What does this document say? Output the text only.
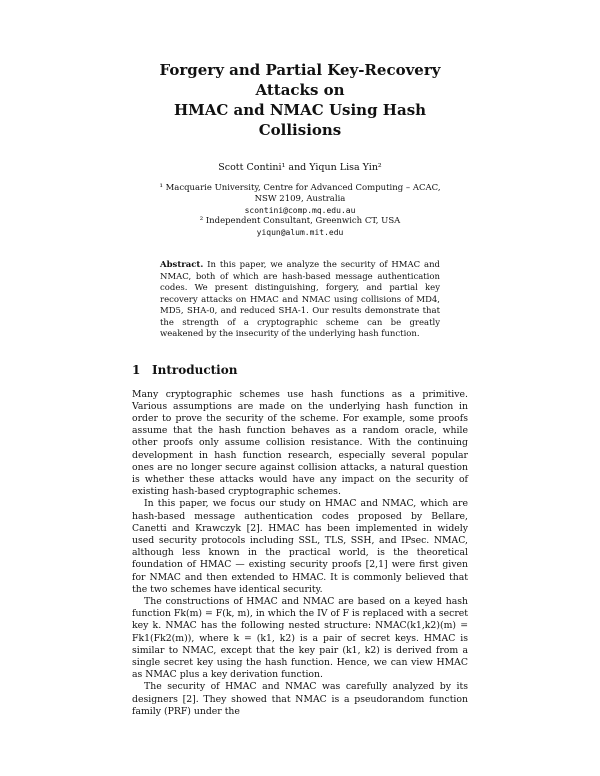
Forgery and Partial Key-Recovery Attacks on
HMAC and NMAC Using Hash Collisions
Scott Contini¹ and Yiqun Lisa Yin²
¹ Macquarie University, Centre for Advanced Computing – ACAC,
NSW 2109, Australia
scontini@comp.mq.edu.au
² Independent Consultant, Greenwich CT, USA
yiqun@alum.mit.edu
Abstract. In this paper, we analyze the security of HMAC and NMAC, both of which are hash-based message authentication codes. We present distinguishing, forgery, and partial key recovery attacks on HMAC and NMAC using collisions of MD4, MD5, SHA-0, and reduced SHA-1. Our results demonstrate that the strength of a cryptographic scheme can be greatly weakened by the insecurity of the underlying hash function.
1 Introduction

Many cryptographic schemes use hash functions as a primitive. Various assumptions are made on the underlying hash function in order to prove the security of the scheme. For example, some proofs assume that the hash function behaves as a random oracle, while other proofs only assume collision resistance. With the continuing development in hash function research, especially several popular ones are no longer secure against collision attacks, a natural question is whether these attacks would have any impact on the security of existing hash-based cryptographic schemes.

In this paper, we focus our study on HMAC and NMAC, which are hash-based message authentication codes proposed by Bellare, Canetti and Krawczyk [2]. HMAC has been implemented in widely used security protocols including SSL, TLS, SSH, and IPsec. NMAC, although less known in the practical world, is the theoretical foundation of HMAC — existing security proofs [2,1] were first given for NMAC and then extended to HMAC. It is commonly believed that the two schemes have identical security.

The constructions of HMAC and NMAC are based on a keyed hash function Fk(m) = F(k, m), in which the IV of F is replaced with a secret key k. NMAC has the following nested structure: NMAC(k1,k2)(m) = Fk1(Fk2(m)), where k = (k1, k2) is a pair of secret keys. HMAC is similar to NMAC, except that the key pair (k1, k2) is derived from a single secret key using the hash function. Hence, we can view HMAC as NMAC plus a key derivation function.

The security of HMAC and NMAC was carefully analyzed by its designers [2]. They showed that NMAC is a pseudorandom function family (PRF) under the
